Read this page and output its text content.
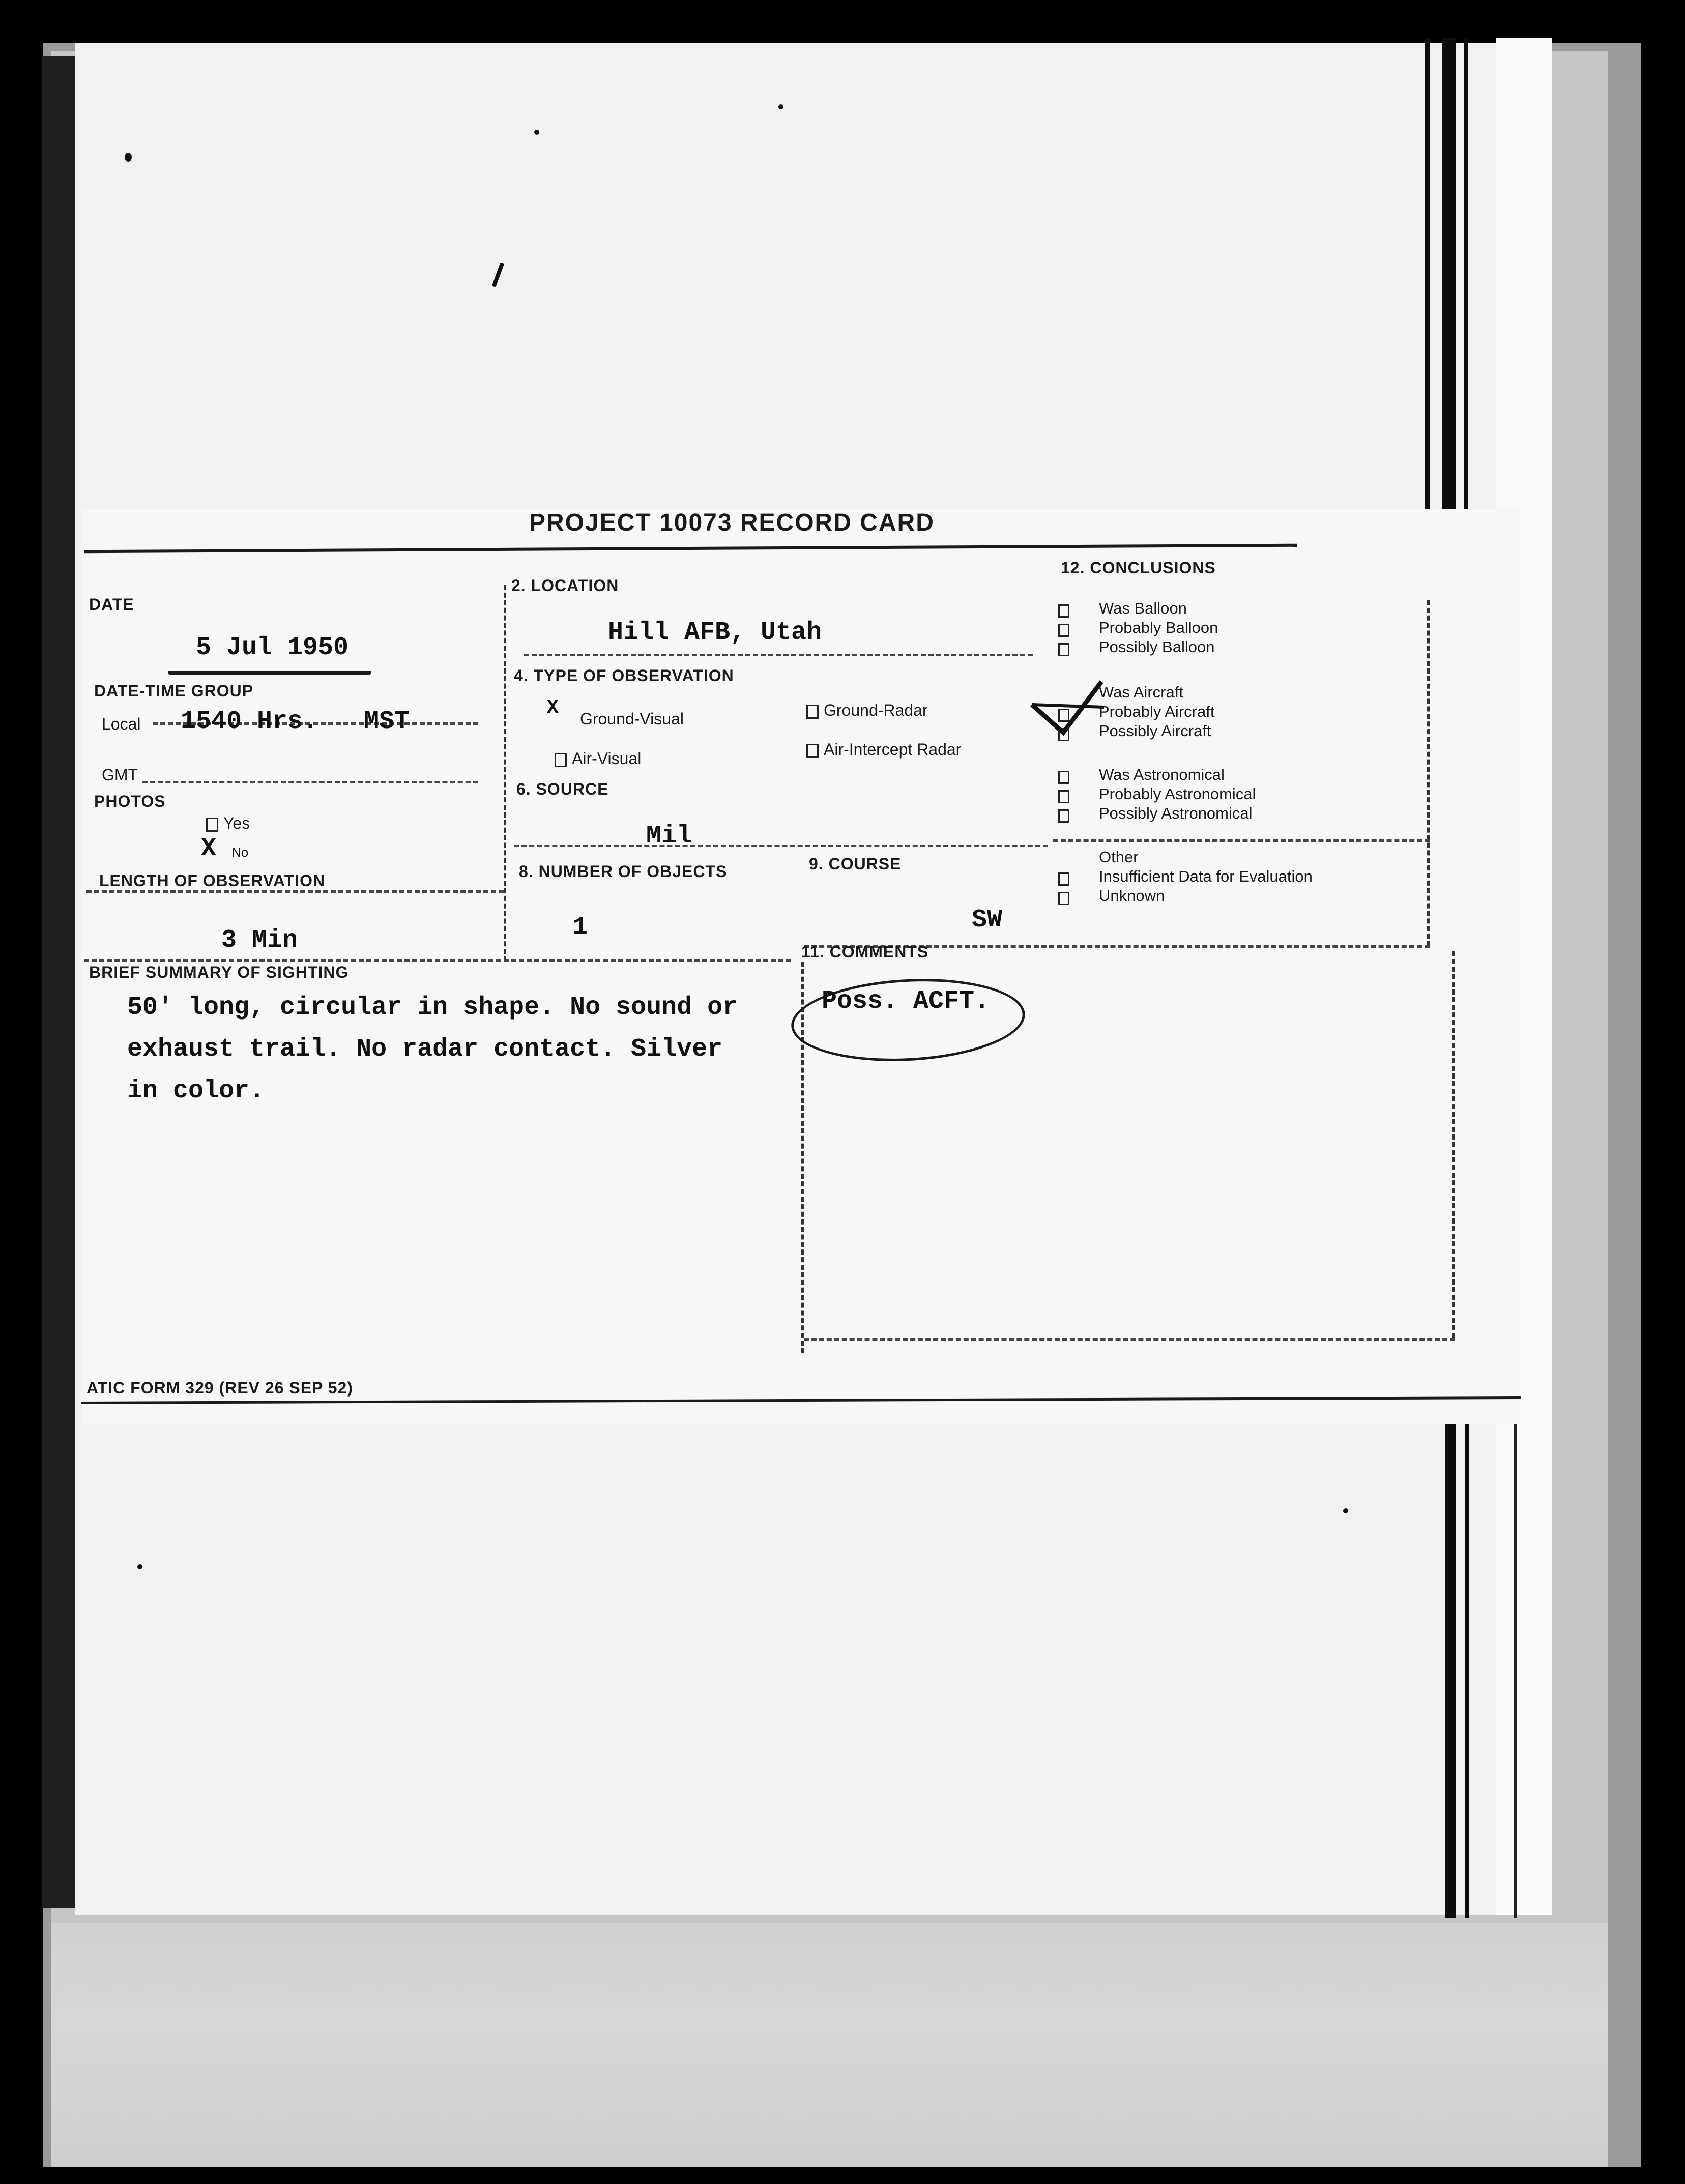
PROJECT 10073 RECORD CARD
DATE
5 Jul 1950
DATE-TIME GROUP
Local 1540 Hrs. MST
GMT
PHOTOS
Yes
X No
LENGTH OF OBSERVATION
3 Min
2. LOCATION
Hill AFB, Utah
4. TYPE OF OBSERVATION
X Ground-Visual	Ground-Radar
Air-Visual	Air-Intercept Radar
6. SOURCE
Mil
8. NUMBER OF OBJECTS
1
9. COURSE
SW
BRIEF SUMMARY OF SIGHTING
50' long, circular in shape. No sound or
exhaust trail. No radar contact. Silver
in color.
11. COMMENTS
Poss. ACFT.
12. CONCLUSIONS
Was Balloon
Probably Balloon
Possibly Balloon
Was Aircraft
Probably Aircraft
Possibly Aircraft
Was Astronomical
Probably Astronomical
Possibly Astronomical
Other
Insufficient Data for Evaluation
Unknown
ATIC FORM 329 (REV 26 SEP 52)
